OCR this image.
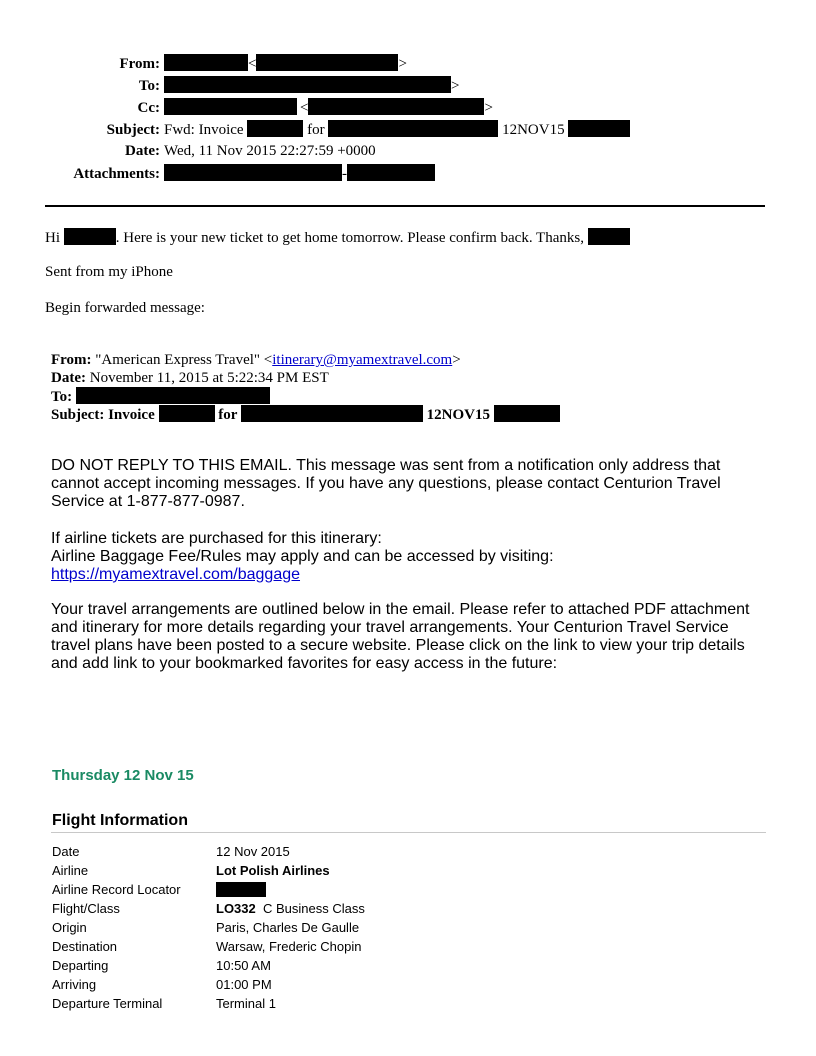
From:	<	>
To:	>
Cc:	<	>
Subject: Fwd: Invoice	for	12NOV15
Date: Wed, 11 Nov 2015 22:27:59 +0000
Attachments:	-
Hi	. Here is your new ticket to get home tomorrow. Please confirm back. Thanks,
Sent from my iPhone
Begin forwarded message:
From: "American Express Travel" <itinerary@myamextravel.com>
Date: November 11, 2015 at 5:22:34 PM EST
To:
Subject: Invoice	for	12NOV15

DO NOT REPLY TO THIS EMAIL. This message was sent from a notification only address that cannot accept incoming messages. If you have any questions, please contact Centurion Travel Service at 1-877-877-0987.

If airline tickets are purchased for this itinerary:

Airline Baggage Fee/Rules may apply and can be accessed by visiting:

https://myamextravel.com/baggage

Your travel arrangements are outlined below in the email. Please refer to attached PDF attachment and itinerary for more details regarding your travel arrangements. Your Centurion Travel Service travel plans have been posted to a secure website. Please click on the link to view your trip details and add link to your bookmarked favorites for easy access in the future:

Thursday 12 Nov 15
Flight Information
Date	12 Nov 2015
Airline	Lot Polish Airlines
Airline Record Locator
Flight/Class	LO332 C Business Class
Origin	Paris, Charles De Gaulle
Destination	Warsaw, Frederic Chopin
Departing	10:50 AM
Arriving	01:00 PM
Departure Terminal	Terminal 1
